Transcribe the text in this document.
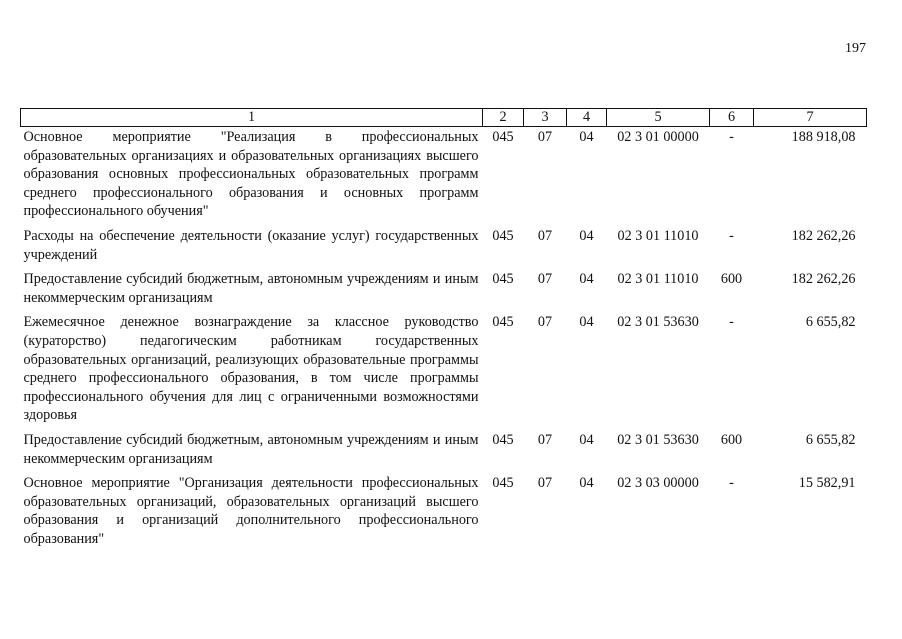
197
1	2	3	4	5	6	7
Основное мероприятие "Реализация в профессиональных образовательных организациях и образовательных организациях высшего образования основных профессиональных образовательных программ среднего профессионального образования и основных программ профессионального обучения"	045	07	04	02 3 01 00000	-	188 918,08
Расходы на обеспечение деятельности (оказание услуг) государственных учреждений	045	07	04	02 3 01 11010	-	182 262,26
Предоставление субсидий бюджетным, автономным учреждениям и иным некоммерческим организациям	045	07	04	02 3 01 11010	600	182 262,26
Ежемесячное денежное вознаграждение за классное руководство (кураторство) педагогическим работникам государственных образовательных организаций, реализующих образовательные программы среднего профессионального образования, в том числе программы профессионального обучения для лиц с ограниченными возможностями здоровья	045	07	04	02 3 01 53630	-	6 655,82
Предоставление субсидий бюджетным, автономным учреждениям и иным некоммерческим организациям	045	07	04	02 3 01 53630	600	6 655,82
Основное мероприятие "Организация деятельности профессиональных образовательных организаций, образовательных организаций высшего образования и организаций дополнительного профессионального образования"	045	07	04	02 3 03 00000	-	15 582,91
